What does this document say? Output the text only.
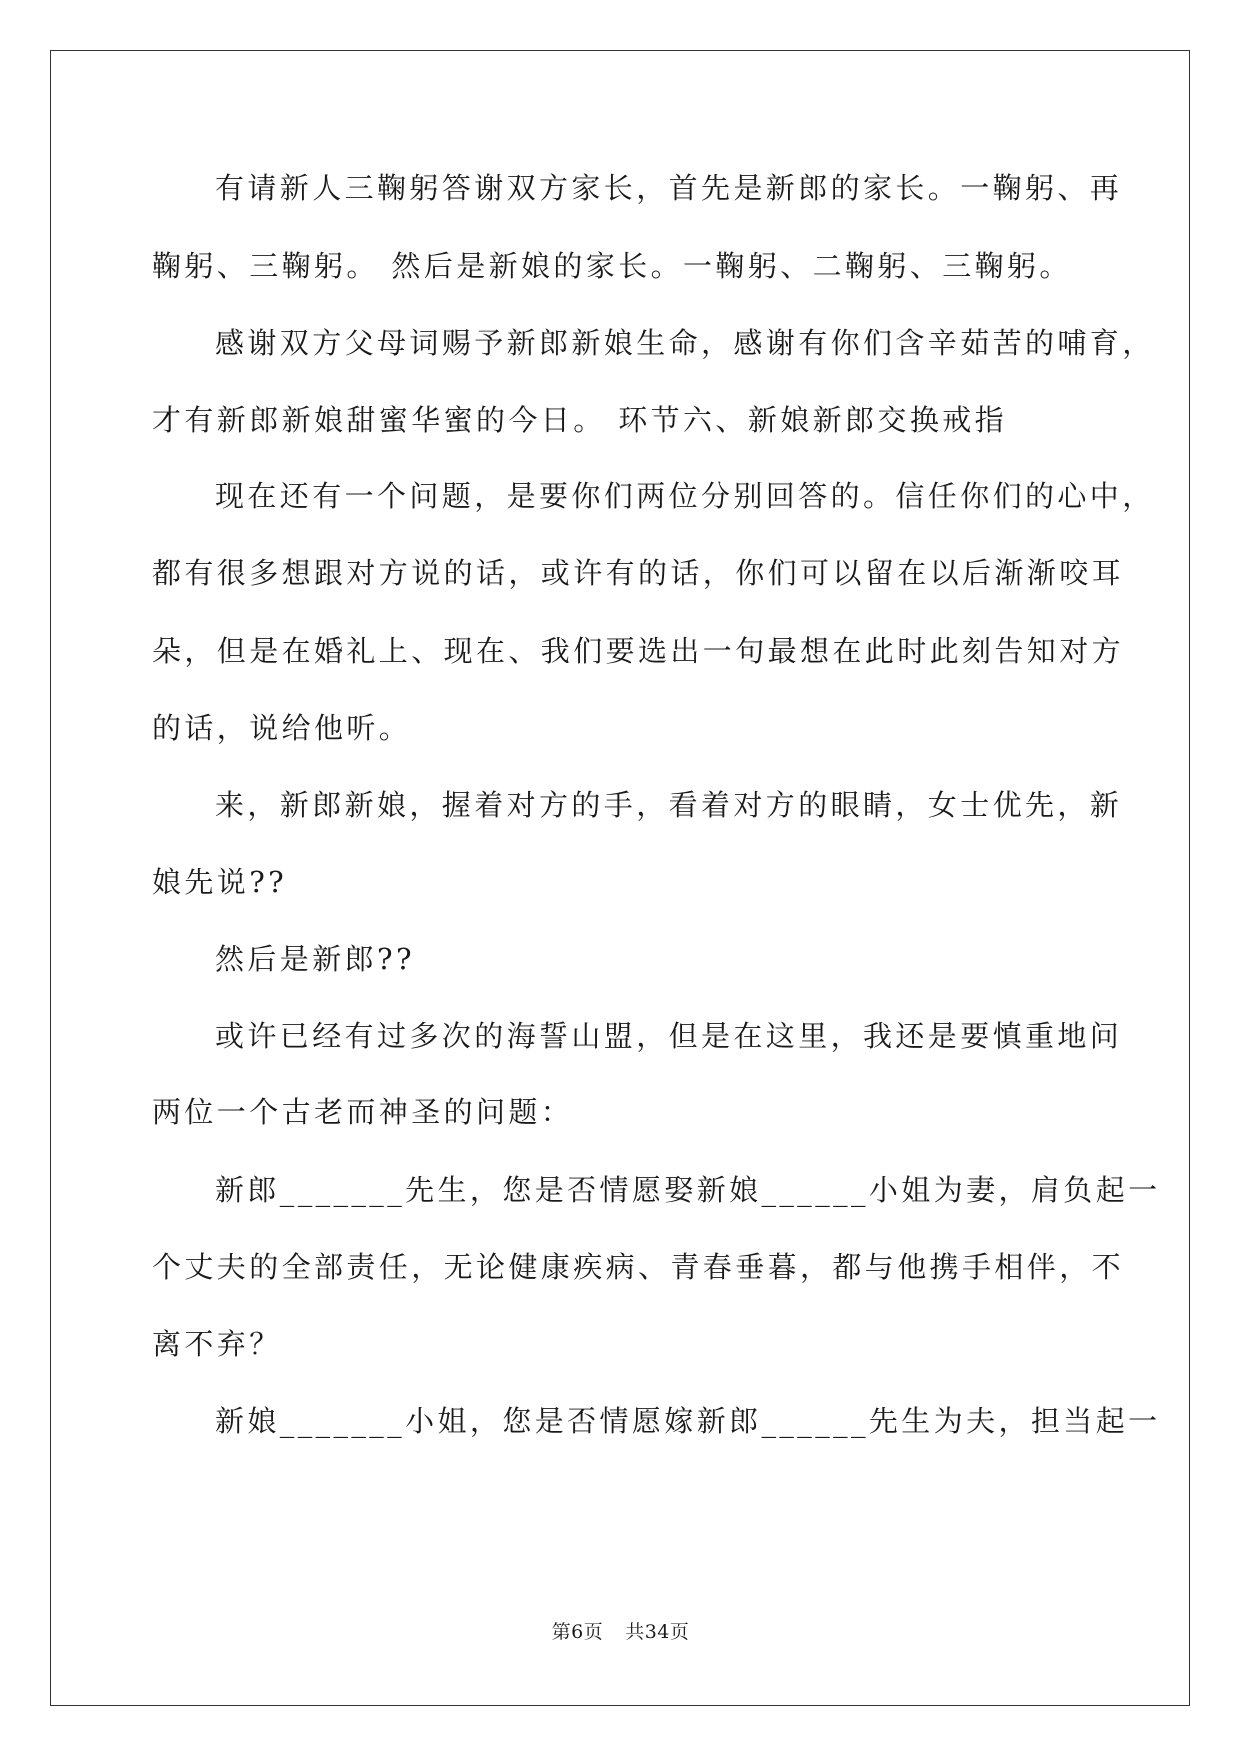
有请新人三鞠躬答谢双方家长，首先是新郎的家长。一鞠躬、再
鞠躬、三鞠躬。 然后是新娘的家长。一鞠躬、二鞠躬、三鞠躬。
感谢双方父母词赐予新郎新娘生命，感谢有你们含辛茹苦的哺育，
才有新郎新娘甜蜜华蜜的今日。 环节六、新娘新郎交换戒指
现在还有一个问题，是要你们两位分别回答的。信任你们的心中，
都有很多想跟对方说的话，或许有的话，你们可以留在以后渐渐咬耳
朵，但是在婚礼上、现在、我们要选出一句最想在此时此刻告知对方
的话，说给他听。
来，新郎新娘，握着对方的手，看着对方的眼睛，女士优先，新
娘先说??
然后是新郎??
或许已经有过多次的海誓山盟，但是在这里，我还是要慎重地问
两位一个古老而神圣的问题：
新郎_______先生，您是否情愿娶新娘______小姐为妻，肩负起一
个丈夫的全部责任，无论健康疾病、青春垂暮，都与他携手相伴，不
离不弃？
新娘_______小姐，您是否情愿嫁新郎______先生为夫，担当起一
第6页 共34页
